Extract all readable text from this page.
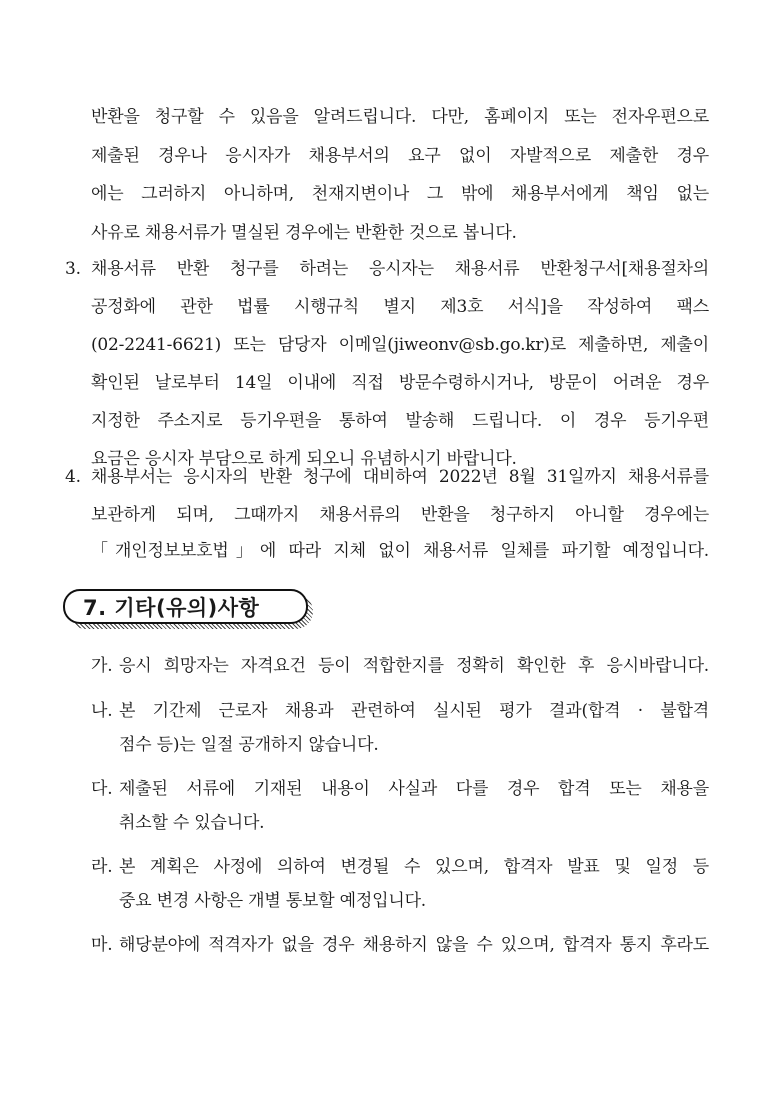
반환을 청구할 수 있음을 알려드립니다. 다만, 홈페이지 또는 전자우편으로
제출된 경우나 응시자가 채용부서의 요구 없이 자발적으로 제출한 경우
에는 그러하지 아니하며, 천재지변이나 그 밖에 채용부서에게 책임 없는
사유로 채용서류가 멸실된 경우에는 반환한 것으로 봅니다.
3. 채용서류 반환 청구를 하려는 응시자는 채용서류 반환청구서[채용절차의
공정화에 관한 법률 시행규칙 별지 제3호 서식]을 작성하여 팩스
(02-2241-6621) 또는 담당자 이메일(jiweonv@sb.go.kr)로 제출하면, 제출이
확인된 날로부터 14일 이내에 직접 방문수령하시거나, 방문이 어려운 경우
지정한 주소지로 등기우편을 통하여 발송해 드립니다. 이 경우 등기우편
요금은 응시자 부담으로 하게 되오니 유념하시기 바랍니다.
4. 채용부서는 응시자의 반환 청구에 대비하여 2022년 8월 31일까지 채용서류를
보관하게 되며, 그때까지 채용서류의 반환을 청구하지 아니할 경우에는
「개인정보보호법」에 따라 지체 없이 채용서류 일체를 파기할 예정입니다.
7. 기타(유의)사항
가. 응시 희망자는 자격요건 등이 적합한지를 정확히 확인한 후 응시바랍니다.
나. 본 기간제 근로자 채용과 관련하여 실시된 평가 결과(합격 · 불합격
점수 등)는 일절 공개하지 않습니다.
다. 제출된 서류에 기재된 내용이 사실과 다를 경우 합격 또는 채용을
취소할 수 있습니다.
라. 본 계획은 사정에 의하여 변경될 수 있으며, 합격자 발표 및 일정 등
중요 변경 사항은 개별 통보할 예정입니다.
마. 해당분야에 적격자가 없을 경우 채용하지 않을 수 있으며, 합격자 통지 후라도
